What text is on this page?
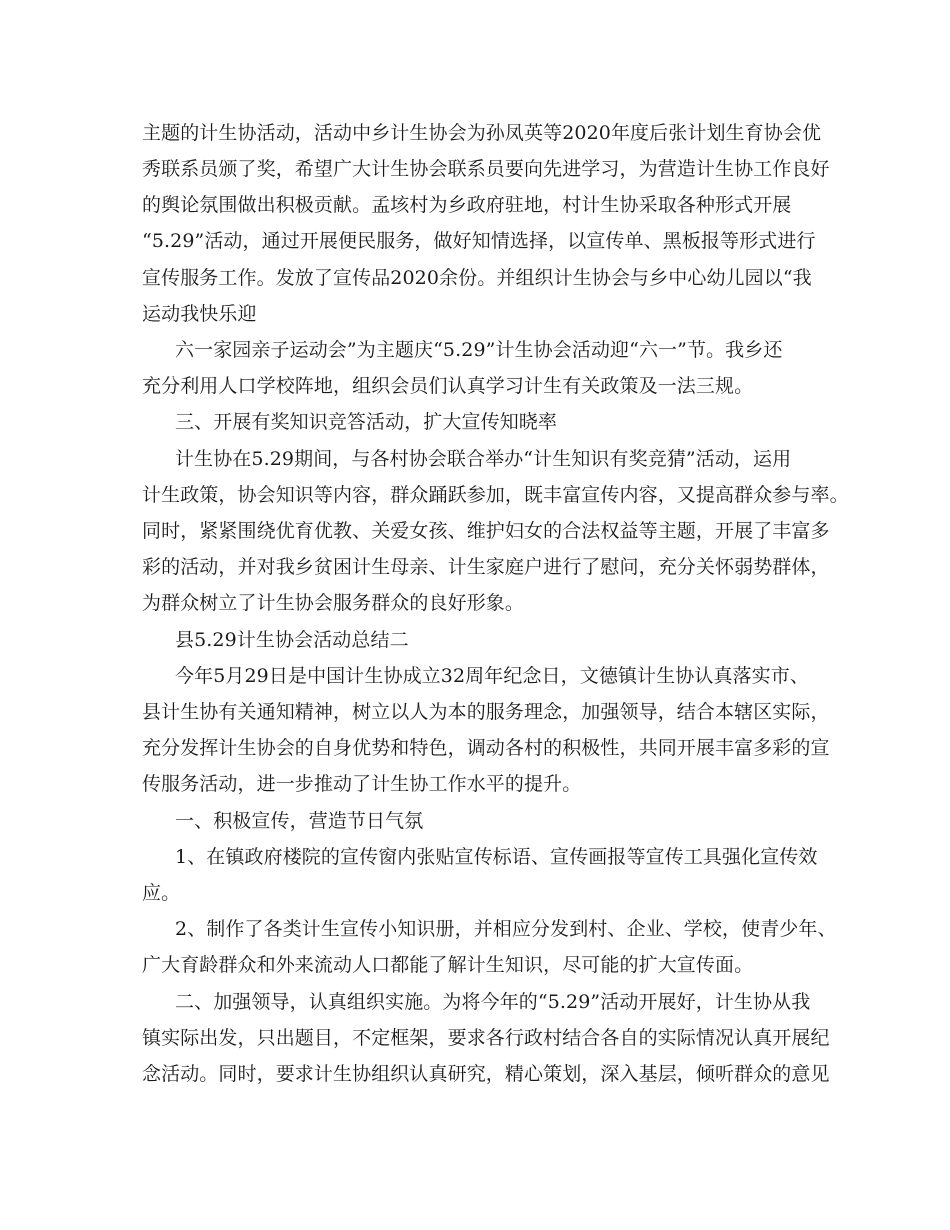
主题的计生协活动，活动中乡计生协会为孙凤英等2020年度后张计划生育协会优
秀联系员颁了奖，希望广大计生协会联系员要向先进学习，为营造计生协工作良好
的舆论氛围做出积极贡献。孟垓村为乡政府驻地，村计生协采取各种形式开展
“5.29”活动，通过开展便民服务，做好知情选择，以宣传单、黑板报等形式进行
宣传服务工作。发放了宣传品2020余份。并组织计生协会与乡中心幼儿园以“我
运动我快乐迎
六一家园亲子运动会”为主题庆“5.29”计生协会活动迎“六一”节。我乡还
充分利用人口学校阵地，组织会员们认真学习计生有关政策及一法三规。
三、开展有奖知识竞答活动，扩大宣传知晓率
计生协在5.29期间，与各村协会联合举办“计生知识有奖竞猜”活动，运用
计生政策，协会知识等内容，群众踊跃参加，既丰富宣传内容，又提高群众参与率。
同时，紧紧围绕优育优教、关爱女孩、维护妇女的合法权益等主题，开展了丰富多
彩的活动，并对我乡贫困计生母亲、计生家庭户进行了慰问，充分关怀弱势群体，
为群众树立了计生协会服务群众的良好形象。
县5.29计生协会活动总结二
今年5月29日是中国计生协成立32周年纪念日，文德镇计生协认真落实市、
县计生协有关通知精神，树立以人为本的服务理念，加强领导，结合本辖区实际，
充分发挥计生协会的自身优势和特色，调动各村的积极性，共同开展丰富多彩的宣
传服务活动，进一步推动了计生协工作水平的提升。
一、积极宣传，营造节日气氛
1、在镇政府楼院的宣传窗内张贴宣传标语、宣传画报等宣传工具强化宣传效
应。
2、制作了各类计生宣传小知识册，并相应分发到村、企业、学校，使青少年、
广大育龄群众和外来流动人口都能了解计生知识，尽可能的扩大宣传面。
二、加强领导，认真组织实施。为将今年的“5.29”活动开展好，计生协从我
镇实际出发，只出题目，不定框架，要求各行政村结合各自的实际情况认真开展纪
念活动。同时，要求计生协组织认真研究，精心策划，深入基层，倾听群众的意见
